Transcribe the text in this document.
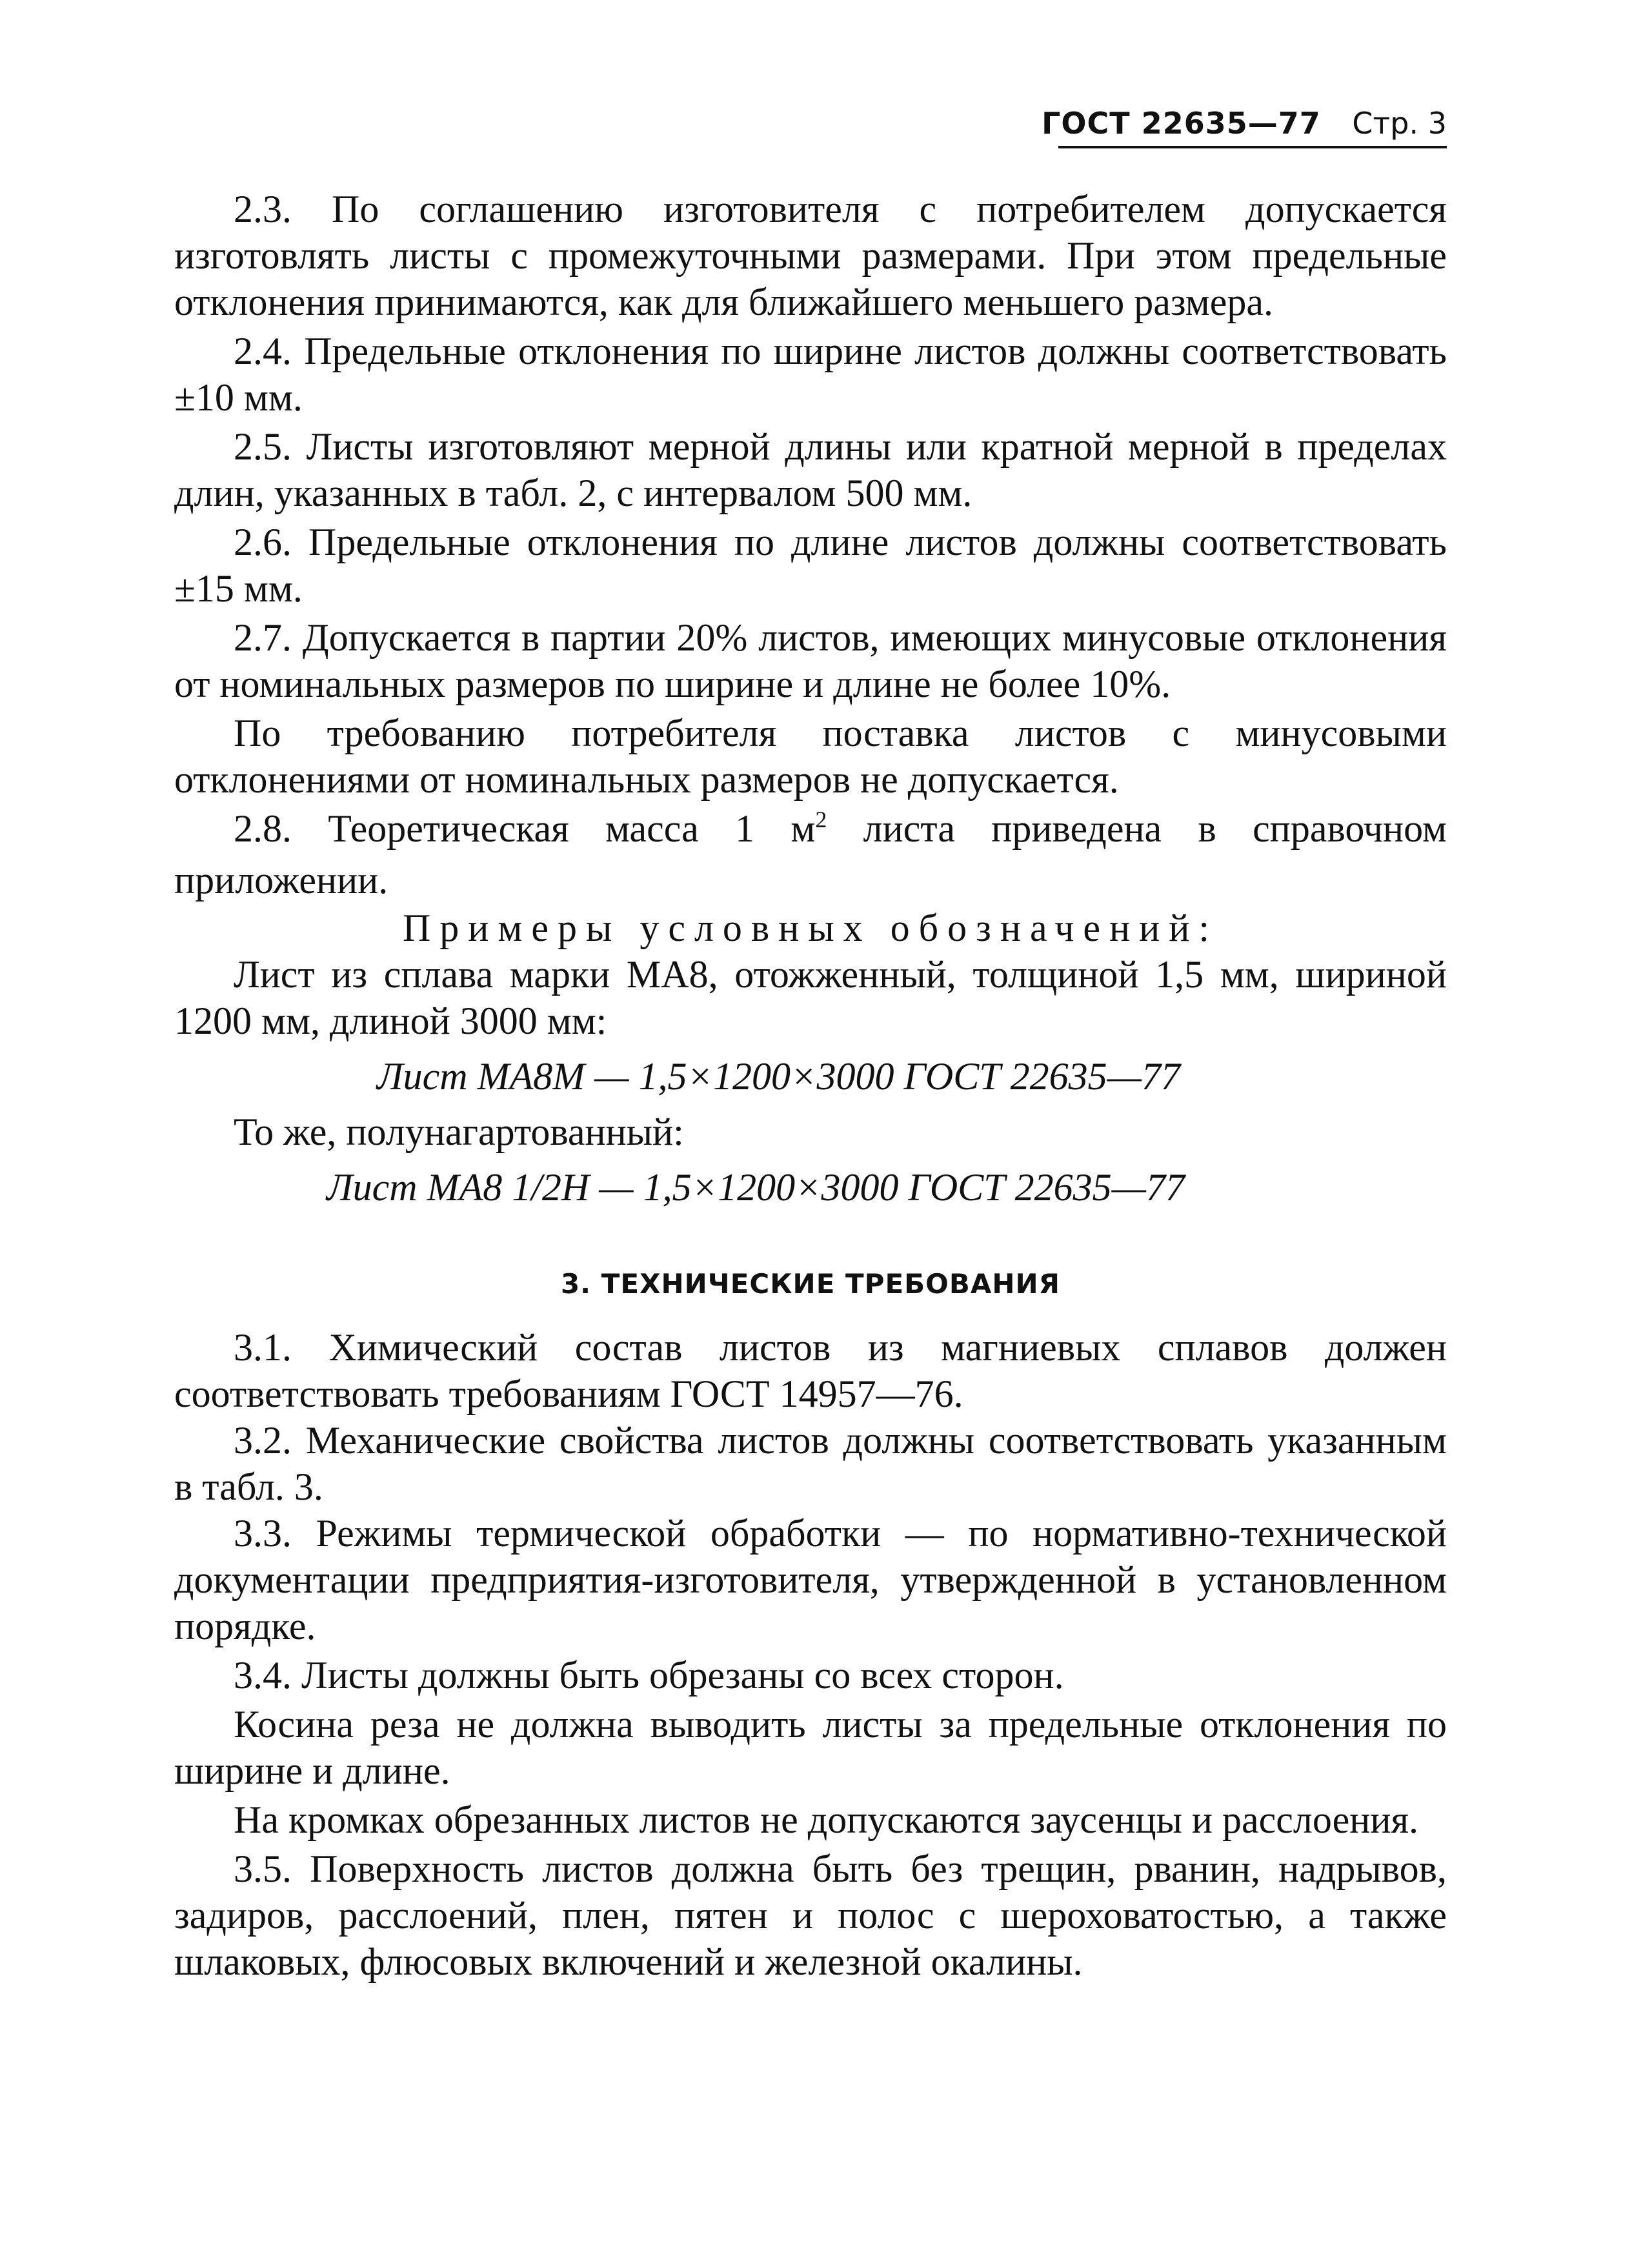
ГОСТ 22635—77 Стр. 3

2.3. По соглашению изготовителя с потребителем допускается изготовлять листы с промежуточными размерами. При этом предельные отклонения принимаются, как для ближайшего меньшего размера.

2.4. Предельные отклонения по ширине листов должны соответствовать ±10 мм.

2.5. Листы изготовляют мерной длины или кратной мерной в пределах длин, указанных в табл. 2, с интервалом 500 мм.

2.6. Предельные отклонения по длине листов должны соответствовать ±15 мм.

2.7. Допускается в партии 20% листов, имеющих минусовые отклонения от номинальных размеров по ширине и длине не более 10%.

По требованию потребителя поставка листов с минусовыми отклонениями от номинальных размеров не допускается.

2.8. Теоретическая масса 1 $м^2$ листа приведена в справочном приложении.

Примеры условных обозначений:

Лист из сплава марки МА8, отожженный, толщиной 1,5 мм, шириной 1200 мм, длиной 3000 мм:

Лист МА8М — 1,5×1200×3000 ГОСТ 22635—77

То же, полунагартованный:

Лист МА8 1/2Н — 1,5×1200×3000 ГОСТ 22635—77

3. ТЕХНИЧЕСКИЕ ТРЕБОВАНИЯ

3.1. Химический состав листов из магниевых сплавов должен соответствовать требованиям ГОСТ 14957—76.

3.2. Механические свойства листов должны соответствовать указанным в табл. 3.

3.3. Режимы термической обработки — по нормативно-технической документации предприятия-изготовителя, утвержденной в установленном порядке.

3.4. Листы должны быть обрезаны со всех сторон.

Косина реза не должна выводить листы за предельные отклонения по ширине и длине.

На кромках обрезанных листов не допускаются заусенцы и расслоения.

3.5. Поверхность листов должна быть без трещин, рванин, надрывов, задиров, расслоений, плен, пятен и полос с шероховатостью, а также шлаковых, флюсовых включений и железной окалины.
